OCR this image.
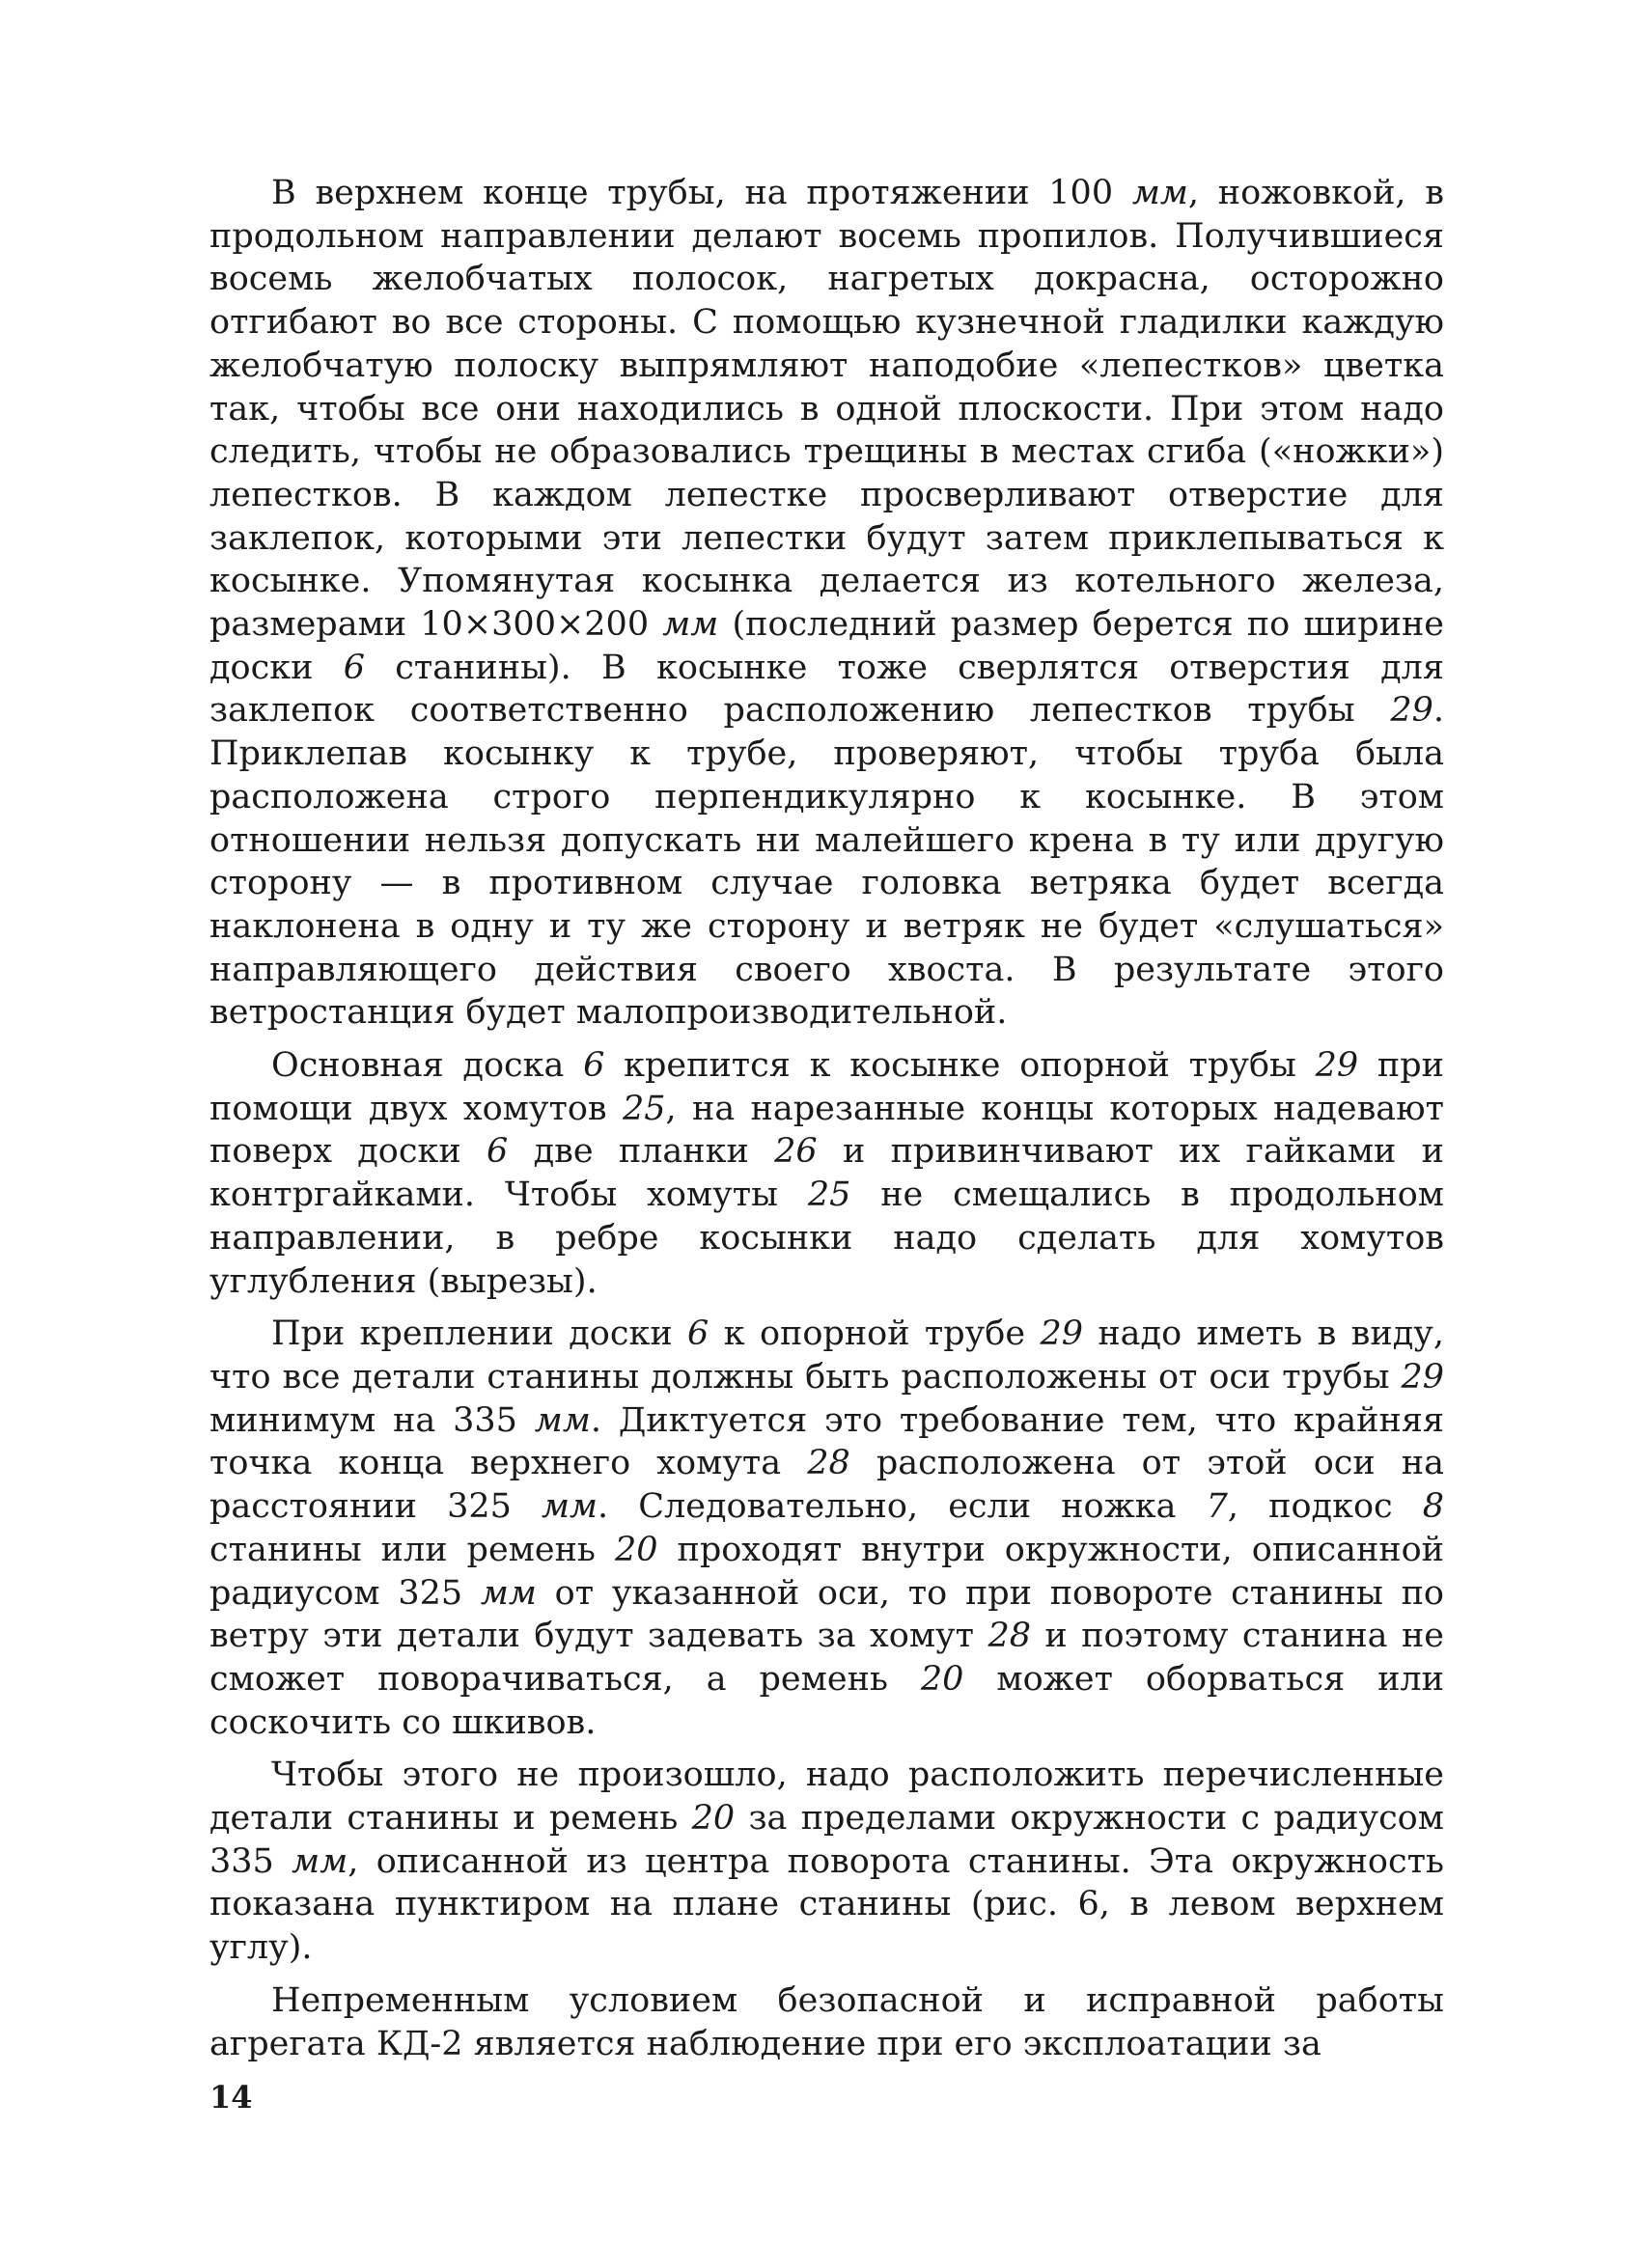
В верхнем конце трубы, на протяжении 100 мм, ножовкой, в продольном направлении делают восемь пропилов. Получившиеся восемь желобчатых полосок, нагретых докрасна, осторожно отгибают во все стороны. С помощью кузнечной гладилки каждую желобчатую полоску выпрямляют наподобие «лепестков» цветка так, чтобы все они находились в одной плоскости. При этом надо следить, чтобы не образовались трещины в местах сгиба («ножки») лепестков. В каждом лепестке просверливают отверстие для заклепок, которыми эти лепестки будут затем приклепываться к косынке. Упомянутая косынка делается из котельного железа, размерами 10×300×200 мм (последний размер берется по ширине доски 6 станины). В косынке тоже сверлятся отверстия для заклепок соответственно расположению лепестков трубы 29. Приклепав косынку к трубе, проверяют, чтобы труба была расположена строго перпендикулярно к косынке. В этом отношении нельзя допускать ни малейшего крена в ту или другую сторону — в противном случае головка ветряка будет всегда наклонена в одну и ту же сторону и ветряк не будет «слушаться» направляющего действия своего хвоста. В результате этого ветростанция будет малопроизводительной.

Основная доска 6 крепится к косынке опорной трубы 29 при помощи двух хомутов 25, на нарезанные концы которых надевают поверх доски 6 две планки 26 и привинчивают их гайками и контргайками. Чтобы хомуты 25 не смещались в продольном направлении, в ребре косынки надо сделать для хомутов углубления (вырезы).

При креплении доски 6 к опорной трубе 29 надо иметь в виду, что все детали станины должны быть расположены от оси трубы 29 минимум на 335 мм. Диктуется это требование тем, что крайняя точка конца верхнего хомута 28 расположена от этой оси на расстоянии 325 мм. Следовательно, если ножка 7, подкос 8 станины или ремень 20 проходят внутри окружности, описанной радиусом 325 мм от указанной оси, то при повороте станины по ветру эти детали будут задевать за хомут 28 и поэтому станина не сможет поворачиваться, а ремень 20 может оборваться или соскочить со шкивов.

Чтобы этого не произошло, надо расположить перечисленные детали станины и ремень 20 за пределами окружности с радиусом 335 мм, описанной из центра поворота станины. Эта окружность показана пунктиром на плане станины (рис. 6, в левом верхнем углу).

Непременным условием безопасной и исправной работы агрегата КД-2 является наблюдение при его эксплоатации за

14
